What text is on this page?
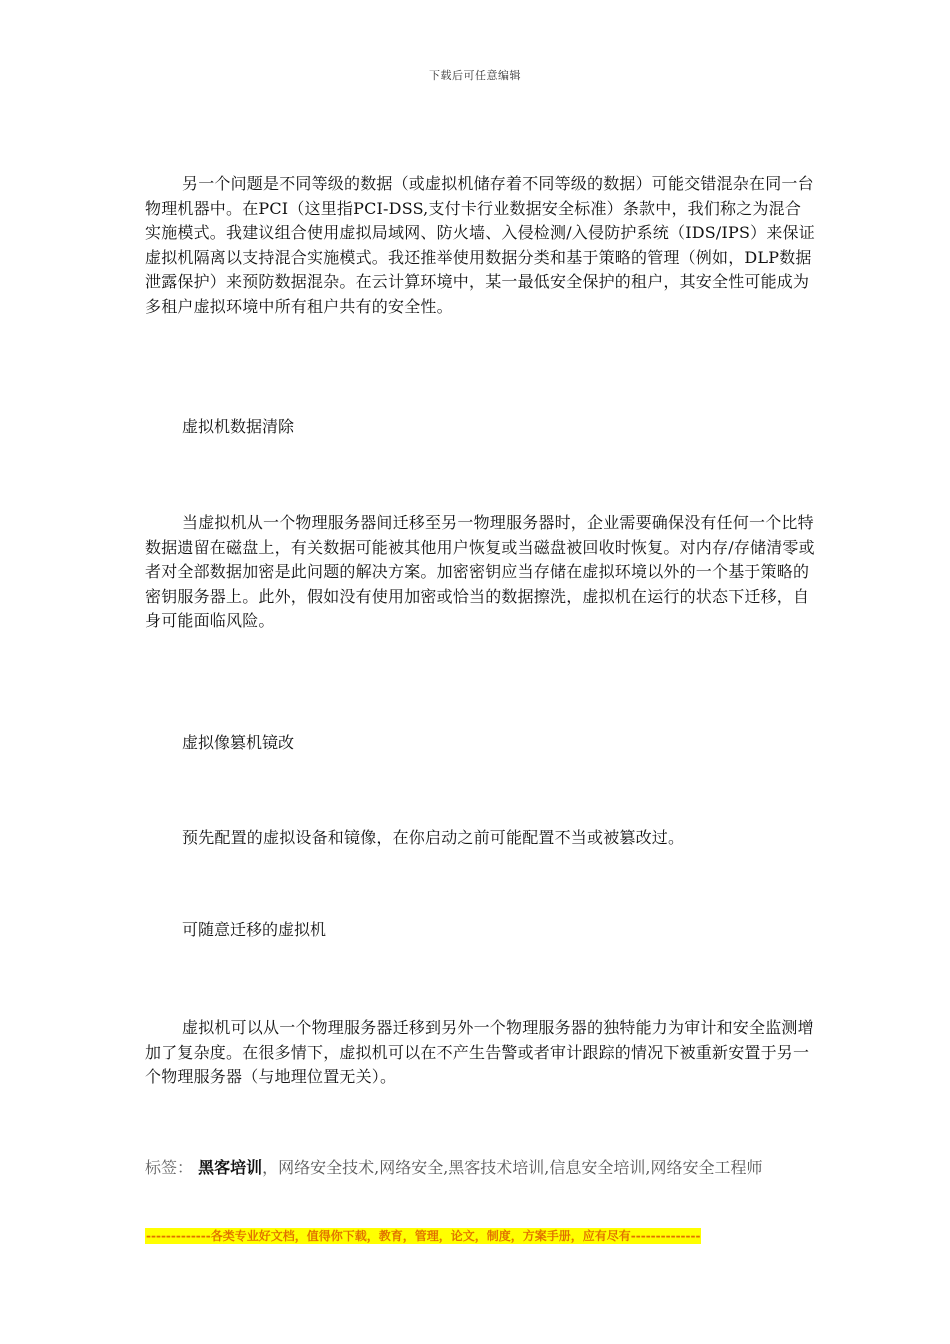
下载后可任意编辑

另一个问题是不同等级的数据（或虚拟机储存着不同等级的数据）可能交错混杂在同一台物理机器中。在PCI（这里指PCI-DSS,支付卡行业数据安全标准）条款中，我们称之为混合实施模式。我建议组合使用虚拟局域网、防火墙、入侵检测/入侵防护系统（IDS/IPS）来保证虚拟机隔离以支持混合实施模式。我还推举使用数据分类和基于策略的管理（例如，DLP数据泄露保护）来预防数据混杂。在云计算环境中，某一最低安全保护的租户，其安全性可能成为多租户虚拟环境中所有租户共有的安全性。

虚拟机数据清除

当虚拟机从一个物理服务器间迁移至另一物理服务器时，企业需要确保没有任何一个比特数据遗留在磁盘上，有关数据可能被其他用户恢复或当磁盘被回收时恢复。对内存/存储清零或者对全部数据加密是此问题的解决方案。加密密钥应当存储在虚拟环境以外的一个基于策略的密钥服务器上。此外，假如没有使用加密或恰当的数据擦洗，虚拟机在运行的状态下迁移，自身可能面临风险。

虚拟像篡机镜改

预先配置的虚拟设备和镜像，在你启动之前可能配置不当或被篡改过。

可随意迁移的虚拟机

虚拟机可以从一个物理服务器迁移到另外一个物理服务器的独特能力为审计和安全监测增加了复杂度。在很多情下，虚拟机可以在不产生告警或者审计跟踪的情况下被重新安置于另一个物理服务器（与地理位置无关）。

标签： 黑客培训，网络安全技术,网络安全,黑客技术培训,信息安全培训,网络安全工程师

-------------各类专业好文档，值得你下载，教育，管理，论文，制度，方案手册，应有尽有--------------
